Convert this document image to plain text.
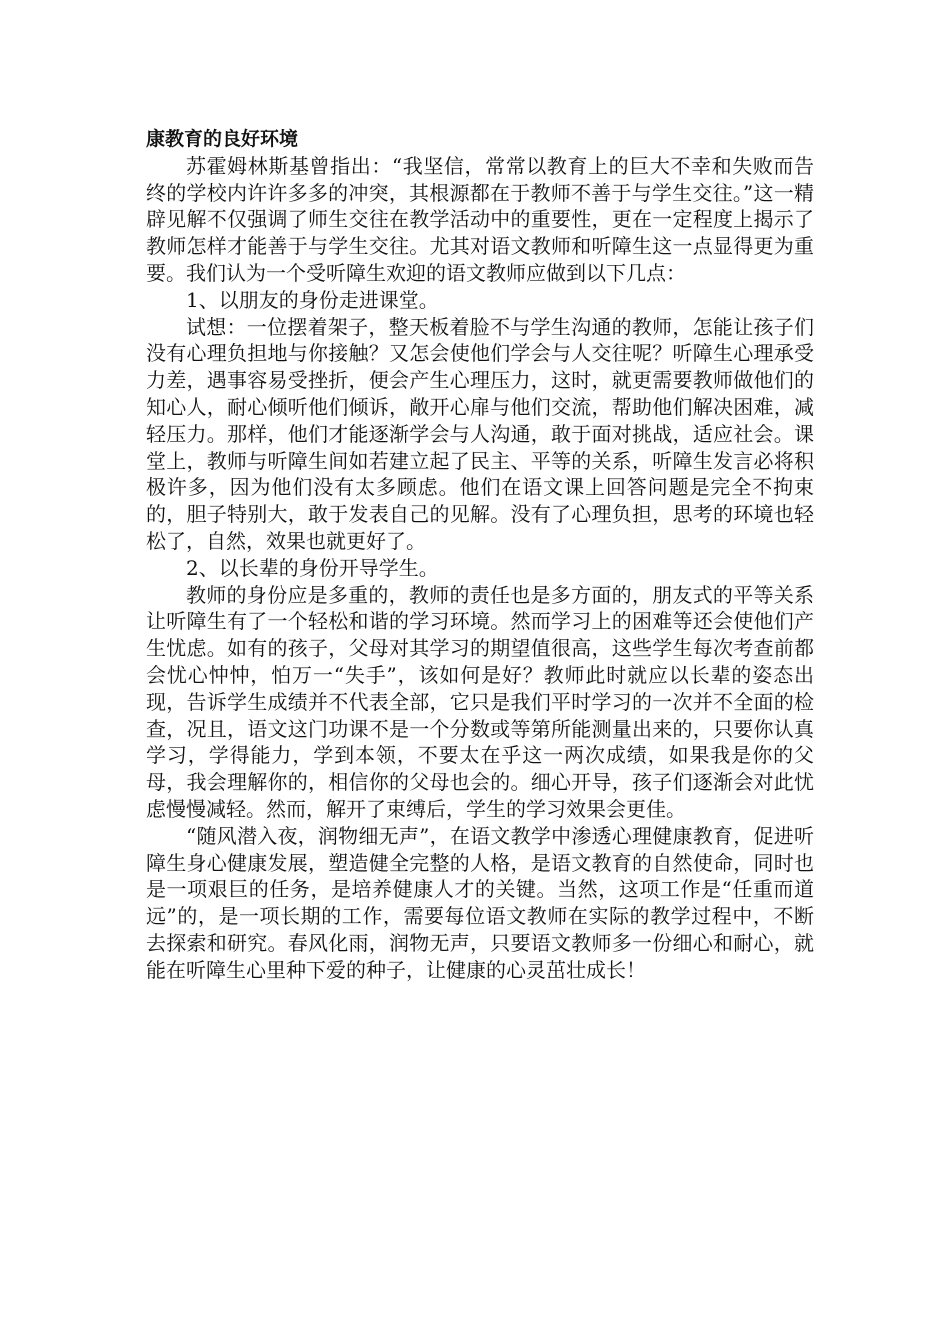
康教育的良好环境

苏霍姆林斯基曾指出：“我坚信，常常以教育上的巨大不幸和失败而告终的学校内许许多多的冲突，其根源都在于教师不善于与学生交往。”这一精辟见解不仅强调了师生交往在教学活动中的重要性，更在一定程度上揭示了教师怎样才能善于与学生交往。尤其对语文教师和听障生这一点显得更为重要。我们认为一个受听障生欢迎的语文教师应做到以下几点：

1、以朋友的身份走进课堂。

试想：一位摆着架子，整天板着脸不与学生沟通的教师，怎能让孩子们没有心理负担地与你接触？又怎会使他们学会与人交往呢？听障生心理承受力差，遇事容易受挫折，便会产生心理压力，这时，就更需要教师做他们的知心人，耐心倾听他们倾诉，敞开心扉与他们交流，帮助他们解决困难，减轻压力。那样，他们才能逐渐学会与人沟通，敢于面对挑战，适应社会。课堂上，教师与听障生间如若建立起了民主、平等的关系，听障生发言必将积极许多，因为他们没有太多顾虑。他们在语文课上回答问题是完全不拘束的，胆子特别大，敢于发表自己的见解。没有了心理负担，思考的环境也轻松了，自然，效果也就更好了。

2、以长辈的身份开导学生。

教师的身份应是多重的，教师的责任也是多方面的，朋友式的平等关系让听障生有了一个轻松和谐的学习环境。然而学习上的困难等还会使他们产生忧虑。如有的孩子，父母对其学习的期望值很高，这些学生每次考查前都会忧心忡忡，怕万一“失手”，该如何是好？教师此时就应以长辈的姿态出现，告诉学生成绩并不代表全部，它只是我们平时学习的一次并不全面的检查，况且，语文这门功课不是一个分数或等第所能测量出来的，只要你认真学习，学得能力，学到本领，不要太在乎这一两次成绩，如果我是你的父母，我会理解你的，相信你的父母也会的。细心开导，孩子们逐渐会对此忧虑慢慢减轻。然而，解开了束缚后，学生的学习效果会更佳。

“随风潜入夜，润物细无声”，在语文教学中渗透心理健康教育，促进听障生身心健康发展，塑造健全完整的人格，是语文教育的自然使命，同时也是一项艰巨的任务，是培养健康人才的关键。当然，这项工作是“任重而道远”的，是一项长期的工作，需要每位语文教师在实际的教学过程中，不断去探索和研究。春风化雨，润物无声，只要语文教师多一份细心和耐心，就能在听障生心里种下爱的种子，让健康的心灵茁壮成长！
